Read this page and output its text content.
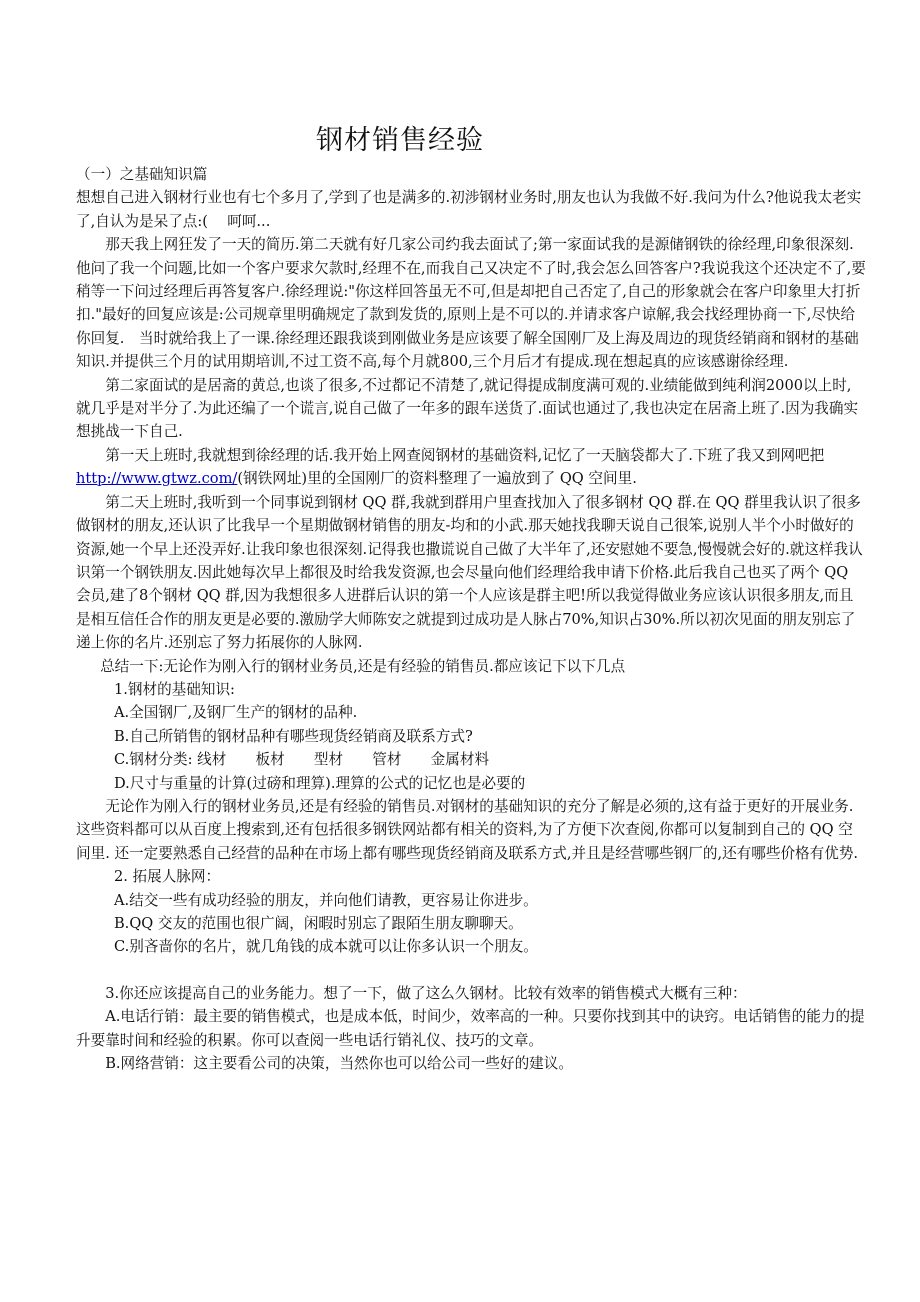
钢材销售经验

（一）之基础知识篇

想想自己进入钢材行业也有七个多月了,学到了也是满多的.初涉钢材业务时,朋友也认为我做不好.我问为什么?他说我太老实了,自认为是呆了点:(　 呵呵...

那天我上网狂发了一天的简历.第二天就有好几家公司约我去面试了;第一家面试我的是源储钢铁的徐经理,印象很深刻.他问了我一个问题,比如一个客户要求欠款时,经理不在,而我自己又决定不了时,我会怎么回答客户?我说我这个还决定不了,要稍等一下问过经理后再答复客户.徐经理说:"你这样回答虽无不可,但是却把自己否定了,自己的形象就会在客户印象里大打折扣."最好的回复应该是:公司规章里明确规定了款到发货的,原则上是不可以的.并请求客户谅解,我会找经理协商一下,尽快给你回复.　当时就给我上了一课.徐经理还跟我谈到刚做业务是应该要了解全国刚厂及上海及周边的现货经销商和钢材的基础知识.并提供三个月的试用期培训,不过工资不高,每个月就800,三个月后才有提成.现在想起真的应该感谢徐经理.

第二家面试的是居斋的黄总,也谈了很多,不过都记不清楚了,就记得提成制度满可观的.业绩能做到纯利润2000以上时,就几乎是对半分了.为此还编了一个谎言,说自己做了一年多的跟车送货了.面试也通过了,我也决定在居斋上班了.因为我确实想挑战一下自己.

第一天上班时,我就想到徐经理的话.我开始上网查阅钢材的基础资料,记忆了一天脑袋都大了.下班了我又到网吧把 http://www.gtwz.com/(钢铁网址)里的全国刚厂的资料整理了一遍放到了 QQ 空间里.

第二天上班时,我听到一个同事说到钢材 QQ 群,我就到群用户里查找加入了很多钢材 QQ 群.在 QQ 群里我认识了很多做钢材的朋友,还认识了比我早一个星期做钢材销售的朋友-均和的小武.那天她找我聊天说自己很笨,说别人半个小时做好的资源,她一个早上还没弄好.让我印象也很深刻.记得我也撒谎说自己做了大半年了,还安慰她不要急,慢慢就会好的.就这样我认识第一个钢铁朋友.因此她每次早上都很及时给我发资源,也会尽量向他们经理给我申请下价格.此后我自己也买了两个 QQ 会员,建了8个钢材 QQ 群,因为我想很多人进群后认识的第一个人应该是群主吧!所以我觉得做业务应该认识很多朋友,而且是相互信任合作的朋友更是必要的.激励学大师陈安之就提到过成功是人脉占70%,知识占30%.所以初次见面的朋友别忘了递上你的名片.还别忘了努力拓展你的人脉网.

总结一下:无论作为刚入行的钢材业务员,还是有经验的销售员.都应该记下以下几点

1.钢材的基础知识:

A.全国钢厂,及钢厂生产的钢材的品种.

B.自己所销售的钢材品种有哪些现货经销商及联系方式?

C.钢材分类: 线材　　板材　　型材　　管材　　金属材料

D.尺寸与重量的计算(过磅和理算).理算的公式的记忆也是必要的

无论作为刚入行的钢材业务员,还是有经验的销售员.对钢材的基础知识的充分了解是必须的,这有益于更好的开展业务.　 这些资料都可以从百度上搜索到,还有包括很多钢铁网站都有相关的资料,为了方便下次查阅,你都可以复制到自己的 QQ 空间里. 还一定要熟悉自己经营的品种在市场上都有哪些现货经销商及联系方式,并且是经营哪些钢厂的,还有哪些价格有优势.

2. 拓展人脉网：

A.结交一些有成功经验的朋友，并向他们请教，更容易让你进步。

B.QQ 交友的范围也很广阔，闲暇时别忘了跟陌生朋友聊聊天。

C.别吝啬你的名片，就几角钱的成本就可以让你多认识一个朋友。

3.你还应该提高自己的业务能力。想了一下，做了这么久钢材。比较有效率的销售模式大概有三种：

A.电话行销：最主要的销售模式，也是成本低，时间少，效率高的一种。只要你找到其中的诀窍。电话销售的能力的提升要靠时间和经验的积累。你可以查阅一些电话行销礼仪、技巧的文章。

B.网络营销：这主要看公司的决策，当然你也可以给公司一些好的建议。
